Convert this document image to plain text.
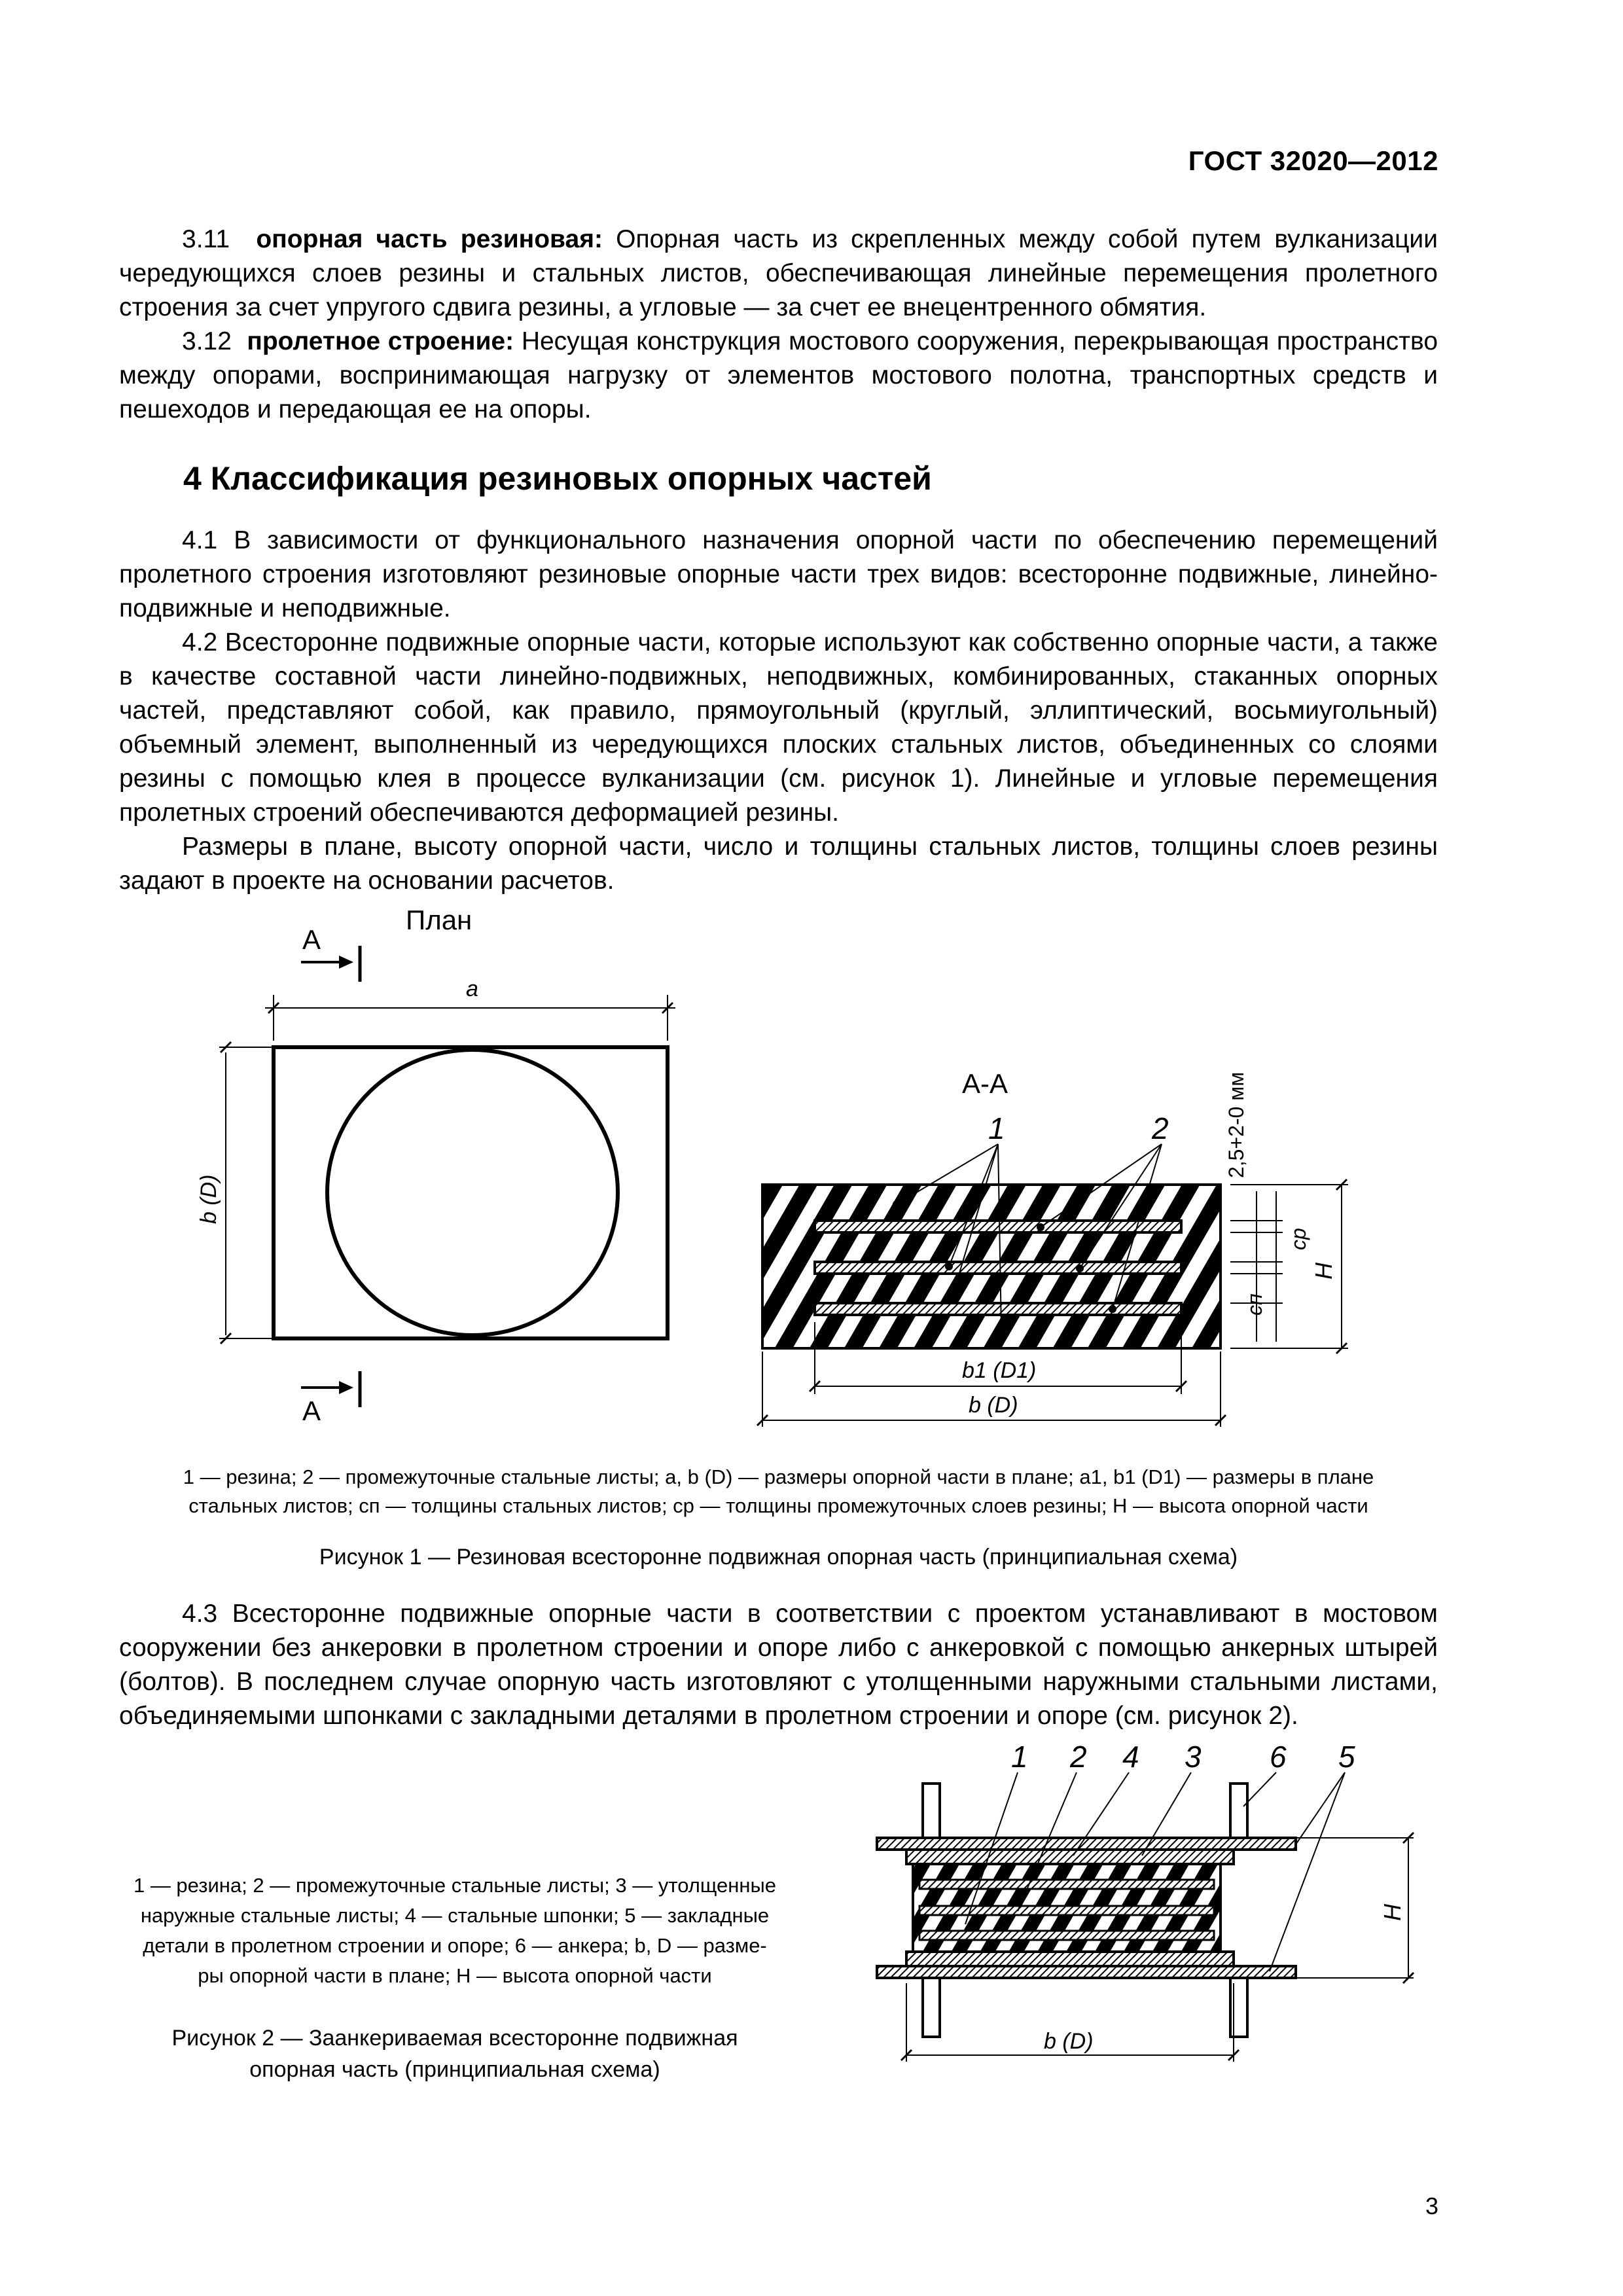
ГОСТ 32020—2012

3.11 опорная часть резиновая: Опорная часть из скрепленных между собой путем вулканизации чередующихся слоев резины и стальных листов, обеспечивающая линейные перемещения пролетного строения за счет упругого сдвига резины, а угловые — за счет ее внецентренного обмятия.

3.12 пролетное строение: Несущая конструкция мостового сооружения, перекрывающая пространство между опорами, воспринимающая нагрузку от элементов мостового полотна, транспортных средств и пешеходов и передающая ее на опоры.

4 Классификация резиновых опорных частей

4.1 В зависимости от функционального назначения опорной части по обеспечению перемещений пролетного строения изготовляют резиновые опорные части трех видов: всесторонне подвижные, линейно-подвижные и неподвижные.

4.2 Всесторонне подвижные опорные части, которые используют как собственно опорные части, а также в качестве составной части линейно-подвижных, неподвижных, комбинированных, стаканных опорных частей, представляют собой, как правило, прямоугольный (круглый, эллиптический, восьмиугольный) объемный элемент, выполненный из чередующихся плоских стальных листов, объединенных со слоями резины с помощью клея в процессе вулканизации (см. рисунок 1). Линейные и угловые перемещения пролетных строений обеспечиваются деформацией резины.

Размеры в плане, высоту опорной части, число и толщины стальных листов, толщины слоев резины задают в проекте на основании расчетов.

План
А
a
b (D)
А
А-А
1	2	2,5+2-0 мм
H
cр
cп
b1 (D1)
b (D)
1 — резина; 2 — промежуточные стальные листы; a, b (D) — размеры опорной части в плане; a1, b1 (D1) — размеры в плане
стальных листов; cп — толщины стальных листов; cр — толщины промежуточных слоев резины; H — высота опорной части
Рисунок 1 — Резиновая всесторонне подвижная опорная часть (принципиальная схема)

4.3 Всесторонне подвижные опорные части в соответствии с проектом устанавливают в мостовом сооружении без анкеровки в пролетном строении и опоре либо с анкеровкой с помощью анкерных штырей (болтов). В последнем случае опорную часть изготовляют с утолщенными наружными стальными листами, объединяемыми шпонками с закладными деталями в пролетном строении и опоре (см. рисунок 2).

1 2 4 3 6 5
H
b (D)
1 — резина; 2 — промежуточные стальные листы; 3 — утолщенные
наружные стальные листы; 4 — стальные шпонки; 5 — закладные
детали в пролетном строении и опоре; 6 — анкера; b, D — разме-
ры опорной части в плане; H — высота опорной части
Рисунок 2 — Заанкериваемая всесторонне подвижная
опорная часть (принципиальная схема)
3
